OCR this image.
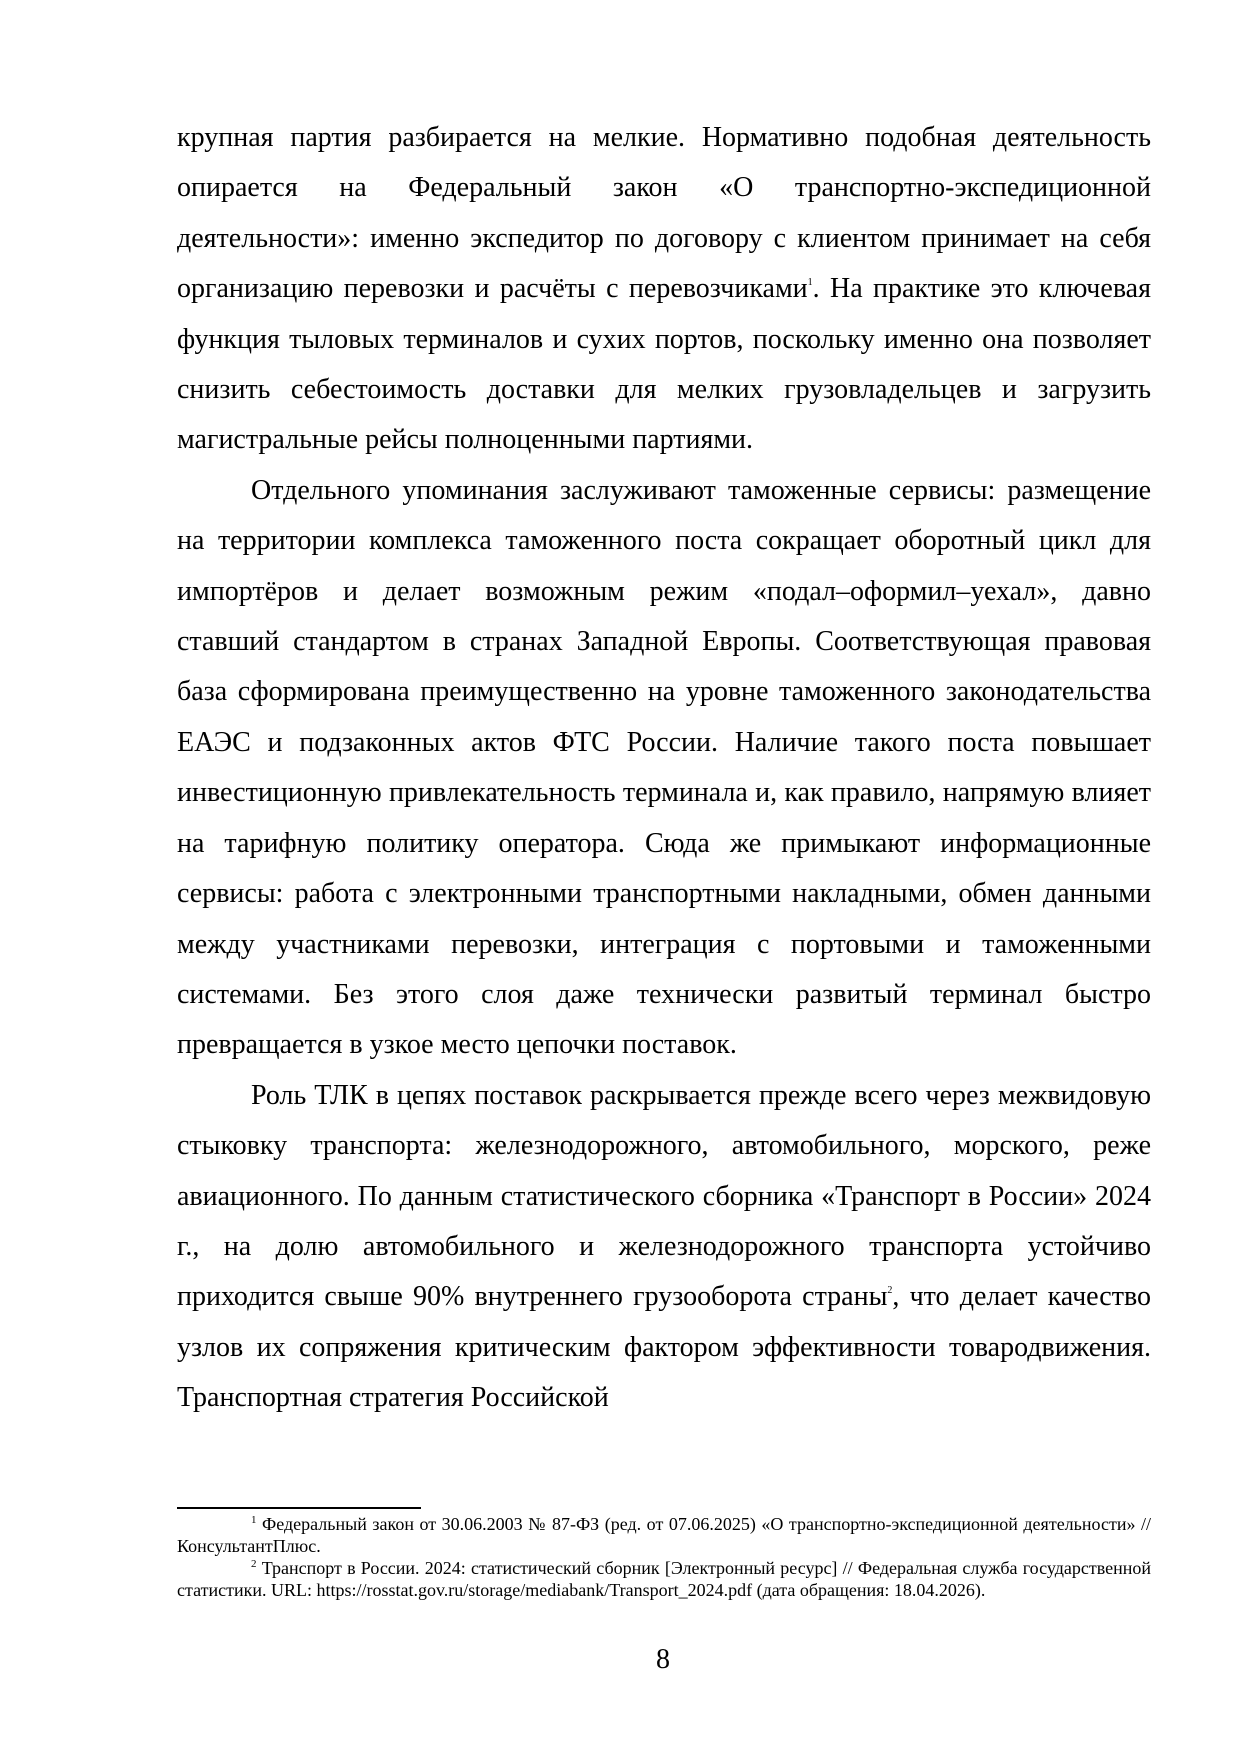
крупная партия разбирается на мелкие. Нормативно подобная деятельность опирается на Федеральный закон «О транспортно-экспедиционной деятельности»: именно экспедитор по договору с клиентом принимает на себя организацию перевозки и расчёты с перевозчиками$^1$. На практике это ключевая функция тыловых терминалов и сухих портов, поскольку именно она позволяет снизить себестоимость доставки для мелких грузовладельцев и загрузить магистральные рейсы полноценными партиями.

Отдельного упоминания заслуживают таможенные сервисы: размещение на территории комплекса таможенного поста сокращает оборотный цикл для импортёров и делает возможным режим «подал–оформил–уехал», давно ставший стандартом в странах Западной Европы. Соответствующая правовая база сформирована преимущественно на уровне таможенного законодательства ЕАЭС и подзаконных актов ФТС России. Наличие такого поста повышает инвестиционную привлекательность терминала и, как правило, напрямую влияет на тарифную политику оператора. Сюда же примыкают информационные сервисы: работа с электронными транспортными накладными, обмен данными между участниками перевозки, интеграция с портовыми и таможенными системами. Без этого слоя даже технически развитый терминал быстро превращается в узкое место цепочки поставок.

Роль ТЛК в цепях поставок раскрывается прежде всего через межвидовую стыковку транспорта: железнодорожного, автомобильного, морского, реже авиационного. По данным статистического сборника «Транспорт в России» 2024 г., на долю автомобильного и железнодорожного транспорта устойчиво приходится свыше 90% внутреннего грузооборота страны$^2$, что делает качество узлов их сопряжения критическим фактором эффективности товародвижения. Транспортная стратегия Российской

$^1$ Федеральный закон от 30.06.2003 № 87-ФЗ (ред. от 07.06.2025) «О транспортно-экспедиционной деятельности» // КонсультантПлюс.

$^2$ Транспорт в России. 2024: статистический сборник [Электронный ресурс] // Федеральная служба государственной статистики. URL: https://rosstat.gov.ru/storage/mediabank/Transport_2024.pdf (дата обращения: 18.04.2026).

8
